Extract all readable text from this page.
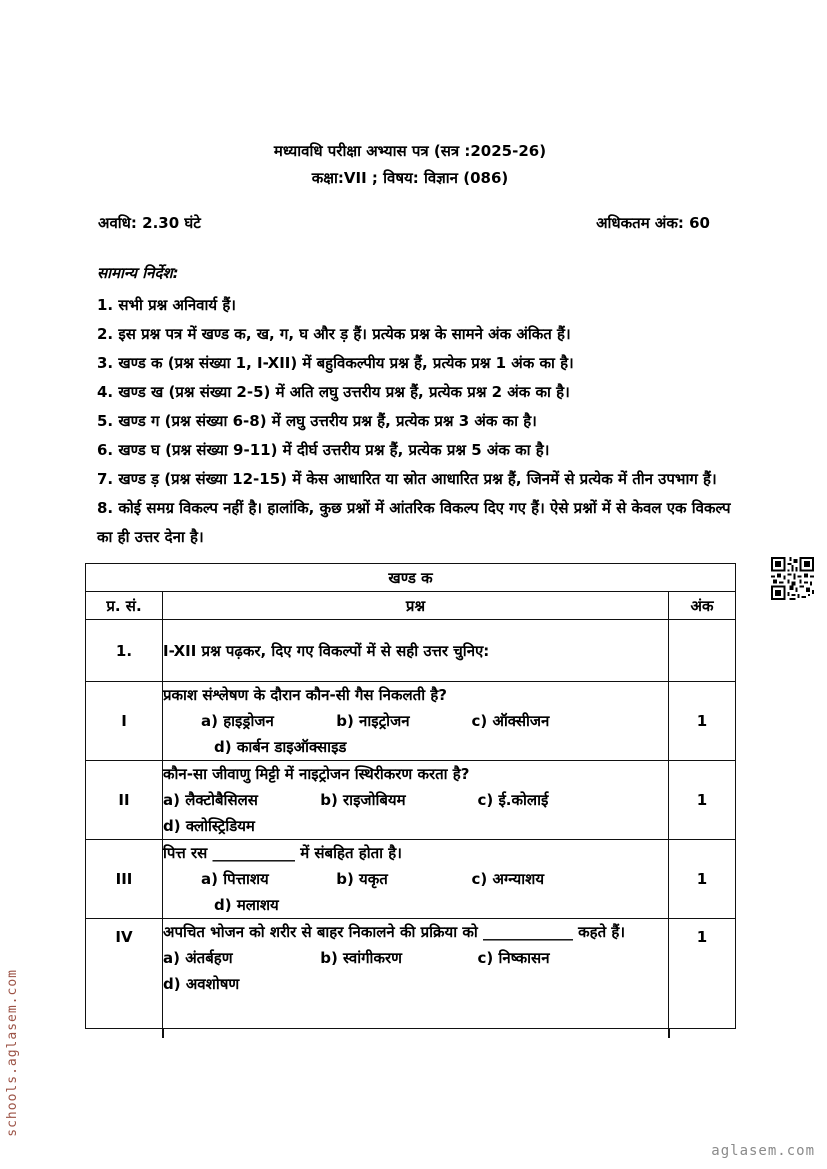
मध्यावधि परीक्षा अभ्यास पत्र (सत्र :2025-26)
कक्षा:VII ; विषय: विज्ञान (086)
अवधि: 2.30 घंटे	अधिकतम अंक: 60
सामान्य निर्देश:
1. सभी प्रश्न अनिवार्य हैं।
2. इस प्रश्न पत्र में खण्ड क, ख, ग, घ और ड़ हैं। प्रत्येक प्रश्न के सामने अंक अंकित हैं।
3. खण्ड क (प्रश्न संख्या 1, I-XII) में बहुविकल्पीय प्रश्न हैं, प्रत्येक प्रश्न 1 अंक का है।
4. खण्ड ख (प्रश्न संख्या 2-5) में अति लघु उत्तरीय प्रश्न हैं, प्रत्येक प्रश्न 2 अंक का है।
5. खण्ड ग (प्रश्न संख्या 6-8) में लघु उत्तरीय प्रश्न हैं, प्रत्येक प्रश्न 3 अंक का है।
6. खण्ड घ (प्रश्न संख्या 9-11) में दीर्घ उत्तरीय प्रश्न हैं, प्रत्येक प्रश्न 5 अंक का है।
7. खण्ड ड़ (प्रश्न संख्या 12-15) में केस आधारित या स्रोत आधारित प्रश्न हैं, जिनमें से प्रत्येक में तीन उपभाग हैं।
8. कोई समग्र विकल्प नहीं है। हालांकि, कुछ प्रश्नों में आंतरिक विकल्प दिए गए हैं। ऐसे प्रश्नों में से केवल एक विकल्प का ही उत्तर देना है।
खण्ड क		
प्र. सं.	प्रश्न	अंक
1.	I-XII प्रश्न पढ़कर, दिए गए विकल्पों में से सही उत्तर चुनिए:	
I	प्रकाश संश्लेषण के दौरान कौन-सी गैस निकलती है?
a) हाइड्रोजन b) नाइट्रोजन c) ऑक्सीजन
d) कार्बन डाइऑक्साइड	1
II	कौन-सा जीवाणु मिट्टी में नाइट्रोजन स्थिरीकरण करता है?
a) लैक्टोबैसिलस b) राइजोबियम c) ई.कोलाई
d) क्लोस्ट्रिडियम	1
III	पित्त रस ___________ में संबहित होता है।
a) पित्ताशय b) यकृत c) अग्न्याशय
d) मलाशय	1
IV	अपचित भोजन को शरीर से बाहर निकालने की प्रक्रिया को ____________ कहते हैं।
a) अंतर्बहण b) स्वांगीकरण c) निष्कासन
d) अवशोषण	1
schools.aglasem.com
aglasem.com
